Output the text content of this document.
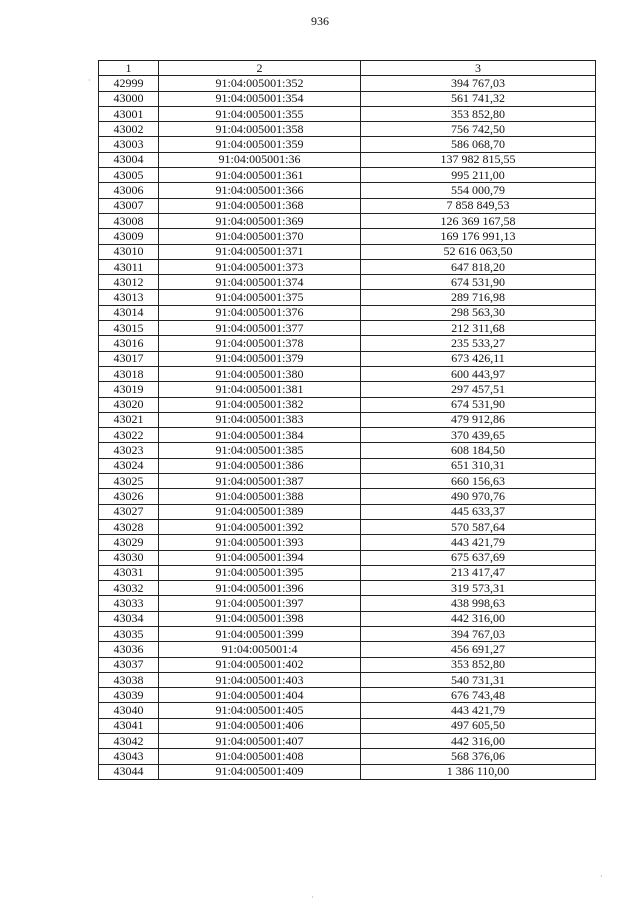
936
·
·
·
1	2	3
42999	91:04:005001:352	394 767,03
43000	91:04:005001:354	561 741,32
43001	91:04:005001:355	353 852,80
43002	91:04:005001:358	756 742,50
43003	91:04:005001:359	586 068,70
43004	91:04:005001:36	137 982 815,55
43005	91:04:005001:361	995 211,00
43006	91:04:005001:366	554 000,79
43007	91:04:005001:368	7 858 849,53
43008	91:04:005001:369	126 369 167,58
43009	91:04:005001:370	169 176 991,13
43010	91:04:005001:371	52 616 063,50
43011	91:04:005001:373	647 818,20
43012	91:04:005001:374	674 531,90
43013	91:04:005001:375	289 716,98
43014	91:04:005001:376	298 563,30
43015	91:04:005001:377	212 311,68
43016	91:04:005001:378	235 533,27
43017	91:04:005001:379	673 426,11
43018	91:04:005001:380	600 443,97
43019	91:04:005001:381	297 457,51
43020	91:04:005001:382	674 531,90
43021	91:04:005001:383	479 912,86
43022	91:04:005001:384	370 439,65
43023	91:04:005001:385	608 184,50
43024	91:04:005001:386	651 310,31
43025	91:04:005001:387	660 156,63
43026	91:04:005001:388	490 970,76
43027	91:04:005001:389	445 633,37
43028	91:04:005001:392	570 587,64
43029	91:04:005001:393	443 421,79
43030	91:04:005001:394	675 637,69
43031	91:04:005001:395	213 417,47
43032	91:04:005001:396	319 573,31
43033	91:04:005001:397	438 998,63
43034	91:04:005001:398	442 316,00
43035	91:04:005001:399	394 767,03
43036	91:04:005001:4	456 691,27
43037	91:04:005001:402	353 852,80
43038	91:04:005001:403	540 731,31
43039	91:04:005001:404	676 743,48
43040	91:04:005001:405	443 421,79
43041	91:04:005001:406	497 605,50
43042	91:04:005001:407	442 316,00
43043	91:04:005001:408	568 376,06
43044	91:04:005001:409	1 386 110,00
